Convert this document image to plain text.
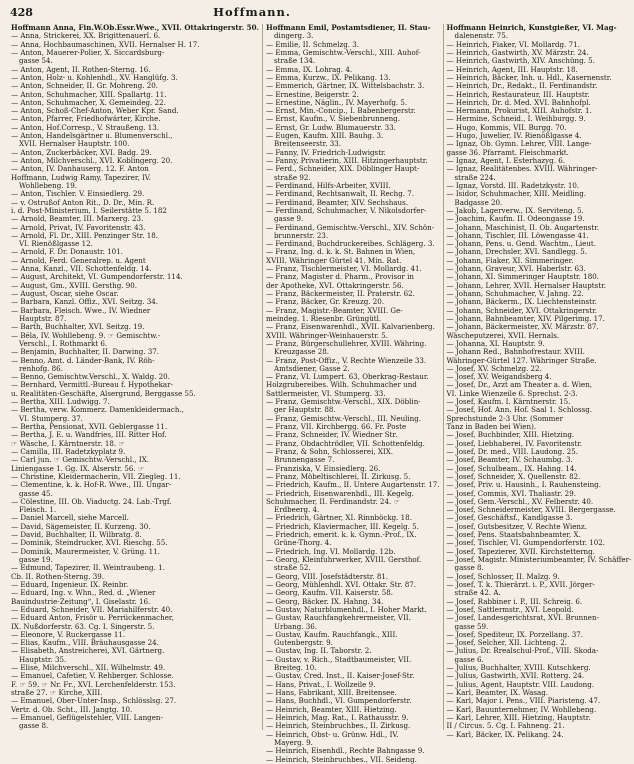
428	Hoffmann.
Hoffmann Anna, Fin.W.Ob.Essr.Wwe., XVII. Ottakringerstr. 50.
— Anna, Strickerei, XX. Brigittenauerl. 6.
— Anna, Hochbaumaschinen, XVII. Hernalser H. 17.
— Anton, Mauerer-Polier, X. Siccardsburg-
gasse 54.
— Anton, Agent, II. Rothen-Sterng. 16.
— Anton, Holz- u. Kohlenhdl., XV. Hanglüfg. 3.
— Anton, Schneider, II. Gr. Mohreng. 20.
— Anton, Schuhmacher, XIII. Spallartg. 11.
— Anton, Schuhmacher, X. Gemeindeg. 22.
— Anton, Schoß-Chef-Anton, Weber Kpr. Sand.
— Anton, Pfarrer, Friedhofwärter, Kirche.
— Anton, Hof.Corresp., V. Straußeng. 13.
— Anton, Handelsgärtner u. Blumenverschl.,
XVII. Hernalser Hauptstr. 100.
— Anton, Zuckerbäcker, XVI. Badg. 29.
— Anton, Milchverschl., XVI. Koblingerg. 20.
— Anton, IV. Danhauserg. 12. F. Anton
Hoffmann, Ludwig Ramy, Tapezirer, IV.
Wohllebeng. 19.
— Anton, Tischler. V. Einsiedlerg. 29.
— v. Ostrußof Anton Rit., D. Dr., Min. R.
i. d. Post-Ministerium, I. Seilerstätte 5. 182
— Arnold, Beamter, III. Marxerg. 23.
— Arnold, Privat, IV. Favoritenstr. 43.
— Arnold, Fl. Dr., XIII. Penzinger Str. 18.
VI. Rienößlgasse 12.
— Arnold, F. Dr. Donaustr. 101.
— Arnold, Ferd. Generalrep. u. Agent
— Anna, Kanzl., VII. Schottenfeldg. 14.
— August, Architekt, VI. Gumpendorferstr. 114.
— August, Gm., XVIII. Gersthg. 90.
— August, Oscar, siehe Oscar.
— Barbara, Kanzl. Offiz., XVI. Seitzg. 34.
— Barbara, Fleisch. Wwe., IV. Wiedner
Hauptstr. 87.
— Barth, Buchhalter, XVI. Seitzg. 19.
— Béla, IV. Wohllebeng. 9. ☞ Gemischtw.-
Verschl., I. Rothmarkt 6.
— Benjamin, Buchhalter, II. Darwing. 37.
— Benno, Amt. d. Länder-Bank, IV. Röh-
renhofg. 86.
— Benno, Gemischtw.Verschl., X. Waldg. 20.
— Bernhard, Vermittl.-Bureau f. Hypothekar-
u. Realitäten-Geschäfte, Alsergrund, Berggasse 55.
— Bertha, XIII. Ludwigg. 7.
— Bertha, verw. Kommerz. Damenkleidermach.,
VI. Stumperg. 37.
— Bertha, Pensionat, XVII. Geblergasse 11.
— Bertha, J. E. u. Wandfries, III. Ritter Hof.
☞ Wäsche, I. Kärntnerstr. 18. ☞
— Camilla, III. Radetzkyplatz 9.
— Carl jun. ☞ Gemischtw.-Verschl., IX.
Liniengasse 1. Gg. IX. Alserstr. 56. ☞
— Christine, Kleidermacherin, VII. Ziegleg. 11.
— Clementine, k. k. Hof-R. Wwe., III. Ungar-
gasse 45.
— Cölestine, III. Ob. Viaductg. 24. Lab.-Trgf.
Fleisch. 1.
— Daniel Marcell, siehe Marcell.
— David, Sägemeister, II. Kurzeng. 30.
— David, Buchhalter, II. Wilbratg. 8.
— Dominik, Steindrucker, XVI. Rieschg. 55.
— Dominik, Maurermeister, V. Grüng. 11.
gasse 19.
— Edmund, Tapezirer, II. Weintraubeng. 1.
Cb. II. Rothen-Sterng. 39.
— Eduard, Ingenieur. IX. Reinbr.
— Eduard, Ing. v. Whn., Red. d. „Wiener
Bauindustrie-Zeitung“, I. Giselastr. 16.
— Eduard, Schneider, VII. Mariahilferstr. 40.
— Eduard Anton, Frisör u. Perrückenmacher,
IX. Nußdorferstr. 63. Cg. I. Singerstr. 5.
— Eleonore, V. Ruckergasse 11.
— Elias, Kaufm., VIII. Bräuhausgasse 24.
— Elisabeth, Anstreicherei, XVI. Gärtnerg.
Hauptstr. 35.
— Elise, Milchverschl., XII. Wilhelmstr. 49.
— Emanuel, Cafetier, V. Rehberger. Schlosse.
F. ☞ 59. ☞ Nr. Fr., XVI. Lerchenfelderstr. 153.
straße 27. ☞ Kirche, XIII.
— Emanuel, Ober-Unter-Insp., Schlösslsg. 27.
Vertr. d. Ob. Scht., III. Jangtg. 10.
— Emanuel, Geflügelstehler, VIII. Langen-
gasse 8.
Hoffmann Emil, Postamtsdiener, II. Stau-
dingerg. 3.
— Emilie, II. Schmelzg. 3.
— Emma, Gemischtw.-Verschl., XIII. Auhof-
straße 134.
— Emma, IX. Lohrag. 4.
— Emma, Kurzw., IX. Pelikang. 13.
— Emmerich, Gärtner, IX. Wittelsbachstr. 3.
— Ernestine, Beigerstr. 2.
— Ernestine, Näglin., IV. Mayerhofg. 5.
— Ernst, Min.-Concip., I. Babenbergerstr.
— Ernst, Kaufm., V. Siebenbrunneng.
— Ernst, Gr. Ludw. Blumauerstr. 33.
— Eugen, Kaufm. XIII. Bauhg. 3.
Breitenseerstr. 33.
— Fanny, IV. Friedrich-Ludwigstr.
— Fanny, Privatierin, XIII. Hitzingerhauptstr.
— Ferd., Schneider, XIX. Döblinger Haupt-
straße 92.
— Ferdinand, Hilfs-Arbeiter, XVIII.
— Ferdinand, Rechtsanwalt, II. Rechg. 7.
— Ferdinand, Beamter, XIV. Sechshaus.
— Ferdinand, Schuhmacher, V. Nikolsdorfer-
gasse 9.
— Ferdinand, Gemischtw.-Verschl., XIV. Schön-
brunnerstr. 23.
— Ferdinand, Buchdruckereibes. Schlägerg. 3.
— Franz, Ing. d. k. k. St. Bahnen in Wien,
XVIII. Währinger Gürtel 41. Min. Rat.
— Franz, Tischlermeister, VI. Mollardg. 41.
— Franz, Magister d. Pharm., Provisor in
der Apotheke, XVI. Ottakringerstr. 56.
— Franz, Bäckermeister, II. Praterstr. 62.
— Franz, Bäcker, Gr. Kreuzg. 20.
— Franz, Magistr.-Beamter, XVIII. Ge-
meindeg. 1. Riesenbr. Grüngütl.
— Franz, Eisenwarenhdl., XVII. Kalvarienberg.
XVIII. Währinger-Weinhauerstr. 5.
— Franz, Bürgerschullehrer, XVIII. Währing.
Kreuzgasse 28.
— Franz, Post-Offiz., V. Rechte Wienzeile 33.
Amtsdiener, Gasse 2.
— Franz, VI. Lumpert. 63, Oberkrag-Restaur.
Holzgrubereibes. Wilh. Schuhmacher und
Sattlermeister, VI. Stumperg. 33.
— Franz, Gemischtw.-Verschl., XIX. Döblin-
ger Hauptstr. 88.
— Franz, Gemischtw.-Verschl., III. Neuling.
— Franz, VII. Kirchbergg. 66. Fr. Poste
— Franz, Schneider, IV. Wiedner Str.
— Franz, Obdachtrödler, VII. Schottenfeldg.
— Franz, & Sohn, Schlosserei, XIX.
Brunnengasse 7.
— Franziska, V. Einsiedlerg. 26.
— Franz, Möbeltischlerei, II. Zirkusg. 5.
— Friedrich, Kaufm., II. Untere Augartenstr. 17.
— Friedrich, Eisenwarenhdl., III. Kegelg.
Schuhmacher, II. Ferdinandstr. 24. ☞
Erdbeerg. 4.
— Friedrich, Gärtner, XI. Rinnböckg. 18.
— Friedrich, Klaviermacher, III. Kegelg. 5.
— Friedrich, emerit. k. k. Gymn.-Prof., IX.
Grüne-Thorg. 4.
— Friedrich, Ing. VI. Mollardg. 12b.
— Georg, Kleinfuhrwerker, XVIII. Gersthof.
straße 52.
— Georg, VIII. Josefstädterstr. 81.
— Georg, Mühlenhdl. XVI. Ottakr. Str. 87.
— Georg, Kaufm. VII. Kaiserstr. 58.
— Georg, Bäcker. IX. Hahng. 34.
— Gustav, Naturblumenhdl., I. Hoher Markt.
— Gustav, Rauchfangkehrermeister, VII.
Urbang. 36.
— Gustav, Kaufm. Rauchfangk., XIII.
Gutenbergstr. 9.
— Gustav, Ing. II. Taborstr. 2.
— Gustav, v. Rich., Stadtbaumeister, VII.
Breiteg. 10.
— Gustav, Cred. Inst., II. Kaiser-Josef-Str.
— Hans, Privat., I. Wollzeile 9.
— Hans, Fabrikant, XIII. Breitensee.
— Hans, Buchhdl., VI. Gumpendorferstr.
— Heinrich, Beamter, XIII. Hietzing.
— Heinrich, Mag. Rat., I. Rathausstr. 9.
— Heinrich, Steinbruchbes., II. Zirkusg.
— Heinrich, Obst- u. Grünw. Hdl., IV.
Mayerg. 9.
— Heinrich, Eisenhdl., Rechte Bahngasse 9.
— Heinrich, Steinbruchbes., VII. Seideng.
Hoffmann Heinrich, Kunstgießer, VI. Mag-
dalenenstr. 75.
— Heinrich, Fiaker, VI. Mollardg. 71.
— Heinrich, Gastwirth, XV. Märzstr. 24.
— Heinrich, Gastwirth, XIV. Anschüng. 5.
— Heinrich, Agent, III. Hauptstr. 18.
— Heinrich, Bäcker, Inh. u. Hdl., Kasernenstr.
— Heinrich, Dr., Redakt., II. Ferdinandstr.
— Heinrich, Restaurateur, III. Hauptstr.
— Heinrich, Dr. d. Med. XVI. Bahnhofpl.
— Hermann, Prokurist, XIII. Auhofstr. 1.
— Hermine, Schneid., I. Weihburgg. 9.
— Hugo, Kommis, VII. Burgg. 70.
— Hugo, Juwelier, IV. Rienößlgasse 4.
— Ignaz, Ob. Gymn. Lehrer, VIII. Lange-
gasse 36. Pfarramt. Fleischmarkt.
— Ignaz, Agent, I. Esterhazyg. 6.
— Ignaz, Realitätenbes. XVIII. Währinger-
straße 224.
— Ignaz, Vorstd. III. Radetzkystr. 10.
— Isidor, Schuhmacher, XIII. Meidling.
Badgasse 20.
— Jakob, Lagerverw., IX. Serviteng. 5.
— Joachim, Kaufm. II. Odeongasse 19.
— Johann, Maschinist, II. Ob. Augartenstr.
— Johann, Tischler, III. Löwengasse 41.
— Johann, Pens. u. Gend. Wachtm., Lieut.
— Johann, Drechsler, XVI. Sandlegg. 5.
— Johann, Fiaker, XI. Simmeringer.
— Johann, Graveur, XVI. Haberlstr. 63.
— Johann, XI. Simmeringer Hauptstr. 180.
— Johann, Lehrer, XVII. Hernalser Hauptstr.
— Johann, Schuhmacher, V. Jahng. 22.
— Johann, Bäckerm., IX. Liechtensteinstr.
— Johann, Schneider, XVI. Ottakringerstr.
— Johann, Bahnbeamter, XIV. Pilgerimg. 17.
— Johann, Bäckermeister, XV. Märzstr. 87.
Wäscheputzerei, XVII. Hernals.
— Johanna, XI. Hauptstr. 9.
— Johann Red., Bahnhofrestaur. XVIII.
Währinger-Gürtel 127. Währinger Straße.
— Josef, XV. Schmelzg. 22.
— Josef, XV. Weigandsberg 4.
— Josef, Dr., Arzt am Theater a. d. Wien,
VI. Linke Wienzeile 6. Sprechst. 2-3.
— Josef, Kaufm. I. Kärntnerstr. 15.
— Josef, Hof. Ann. Hof. Saal 1. Schlossg.
Sprechstunde 2-3 Uhr. (Sommer
Tanz in Baden bei Wien).
— Josef, Buchbinder, XIII. Hietzing.
— Josef, Liebhaberei, IV. Favoritenstr.
— Josef, Dr. med., VIII. Laudong. 25.
— Josef, Beamter, IV. Schaumbg. 3.
— Josef, Schulbeam., IX. Hahng. 14.
— Josef, Schneider, X. Quellenstr. 82.
— Josef, Priv. u. Hausinh., I. Rauhensteing.
— Josef, Commis, XVI. Thaliastr. 29.
— Josef, Gem.-Verschl., XV. Felberstr. 40.
— Josef, Schneidermeister, XVIII. Bergergasse.
— Josef, Geschäftsf., Kandlgasse 3.
— Josef, Gutsbesitzer, V. Rechte Wienz.
— Josef, Pens. Staatsbahnbeamter, X.
— Josef, Tischler, VI. Gumpendorferstr. 102.
— Josef, Tapezierer, XVII. Kirchstetterng.
— Josef, Magistr. Ministeriumbeamter, IV. Schäffer-
gasse 8.
— Josef, Schlosser, II. Malzg. 9.
— Josef, T. k. Thierärzt. i. P., XVII. Jörger-
straße 42. A.
— Josef, Rabbiner i. P., III. Schreig. 6.
— Josef, Sattlermstr., XVI. Leopold.
— Josef, Landesgerichtsrat, XVI. Brunnen-
gasse 59.
— Josef, Spediteur, IX. Porzellang. 37.
— Josef, Selcher, XII. Lichteng. 2.
— Julius, Dr. Rrealschul-Prof., VIII. Skoda-
gasse 6.
— Julius, Buchhalter, XVIII. Kutschkerg.
— Julius, Gastwirth, XVII. Rotterg. 24.
— Julius, Agent, Hauptstr. VIII. Laudong.
— Karl, Beamter, IX. Wasag.
— Karl, Major i. Pens., VIII. Piaristeng. 47.
— Karl, Bauunternehmer, IV. Wohllebeng.
— Karl, Lehrer, XIII. Hietzing, Hauptstr.
II / Circus. 5. Cg. I. Fahneng. 21.
— Karl, Bäcker, IX. Pelikang. 24.
